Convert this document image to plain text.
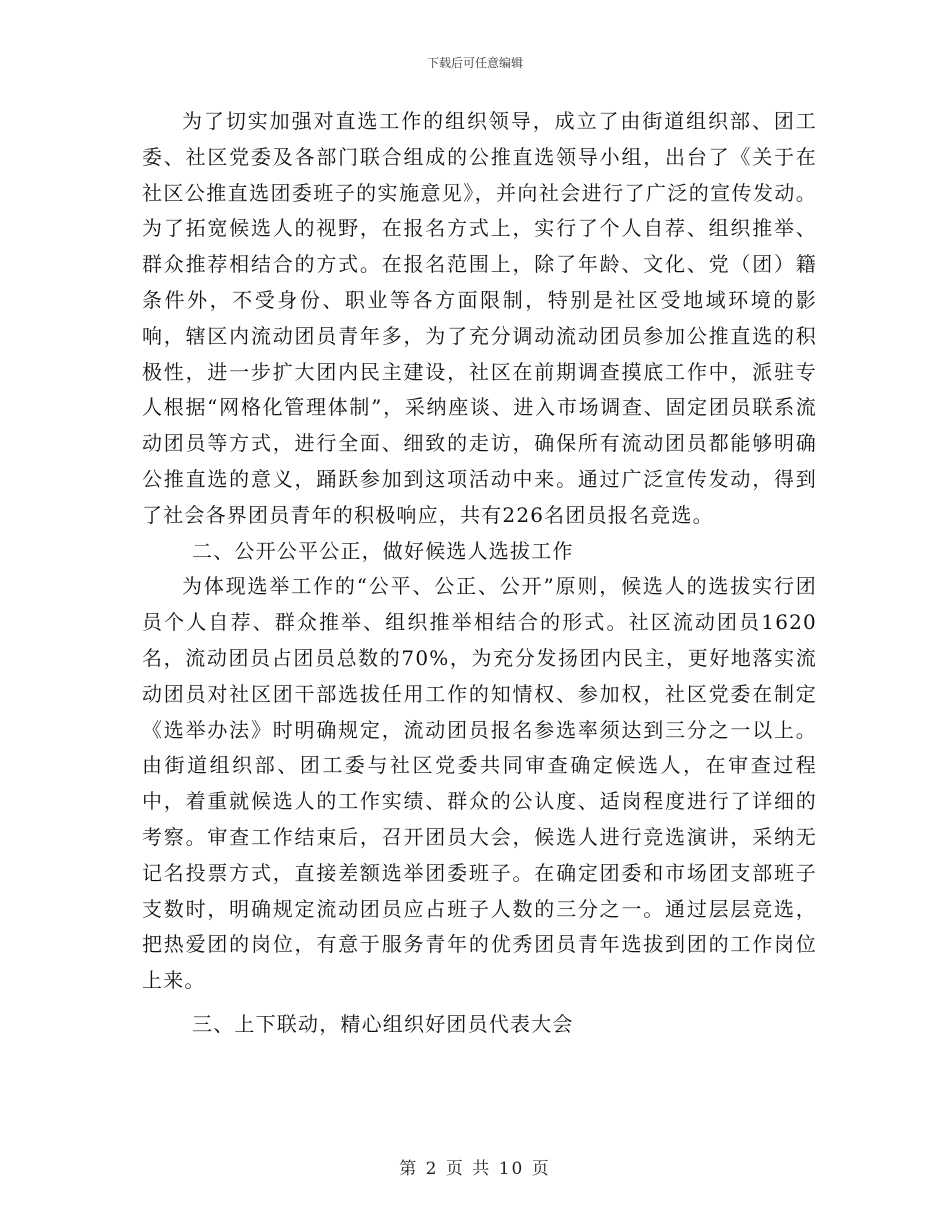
下载后可任意编辑

为了切实加强对直选工作的组织领导，成立了由街道组织部、团工委、社区党委及各部门联合组成的公推直选领导小组，出台了《关于在社区公推直选团委班子的实施意见》，并向社会进行了广泛的宣传发动。为了拓宽候选人的视野，在报名方式上，实行了个人自荐、组织推举、群众推荐相结合的方式。在报名范围上，除了年龄、文化、党（团）籍条件外，不受身份、职业等各方面限制，特别是社区受地域环境的影响，辖区内流动团员青年多，为了充分调动流动团员参加公推直选的积极性，进一步扩大团内民主建设，社区在前期调查摸底工作中，派驻专人根据“网格化管理体制”，采纳座谈、进入市场调查、固定团员联系流动团员等方式，进行全面、细致的走访，确保所有流动团员都能够明确公推直选的意义，踊跃参加到这项活动中来。通过广泛宣传发动，得到了社会各界团员青年的积极响应，共有226名团员报名竞选。

二、公开公平公正，做好候选人选拔工作

为体现选举工作的“公平、公正、公开”原则，候选人的选拔实行团员个人自荐、群众推举、组织推举相结合的形式。社区流动团员1620名，流动团员占团员总数的70%，为充分发扬团内民主，更好地落实流动团员对社区团干部选拔任用工作的知情权、参加权，社区党委在制定《选举办法》时明确规定，流动团员报名参选率须达到三分之一以上。由街道组织部、团工委与社区党委共同审查确定候选人，在审查过程中，着重就候选人的工作实绩、群众的公认度、适岗程度进行了详细的考察。审查工作结束后，召开团员大会，候选人进行竞选演讲，采纳无记名投票方式，直接差额选举团委班子。在确定团委和市场团支部班子支数时，明确规定流动团员应占班子人数的三分之一。通过层层竞选，把热爱团的岗位，有意于服务青年的优秀团员青年选拔到团的工作岗位上来。

三、上下联动，精心组织好团员代表大会

第 2 页 共 10 页
